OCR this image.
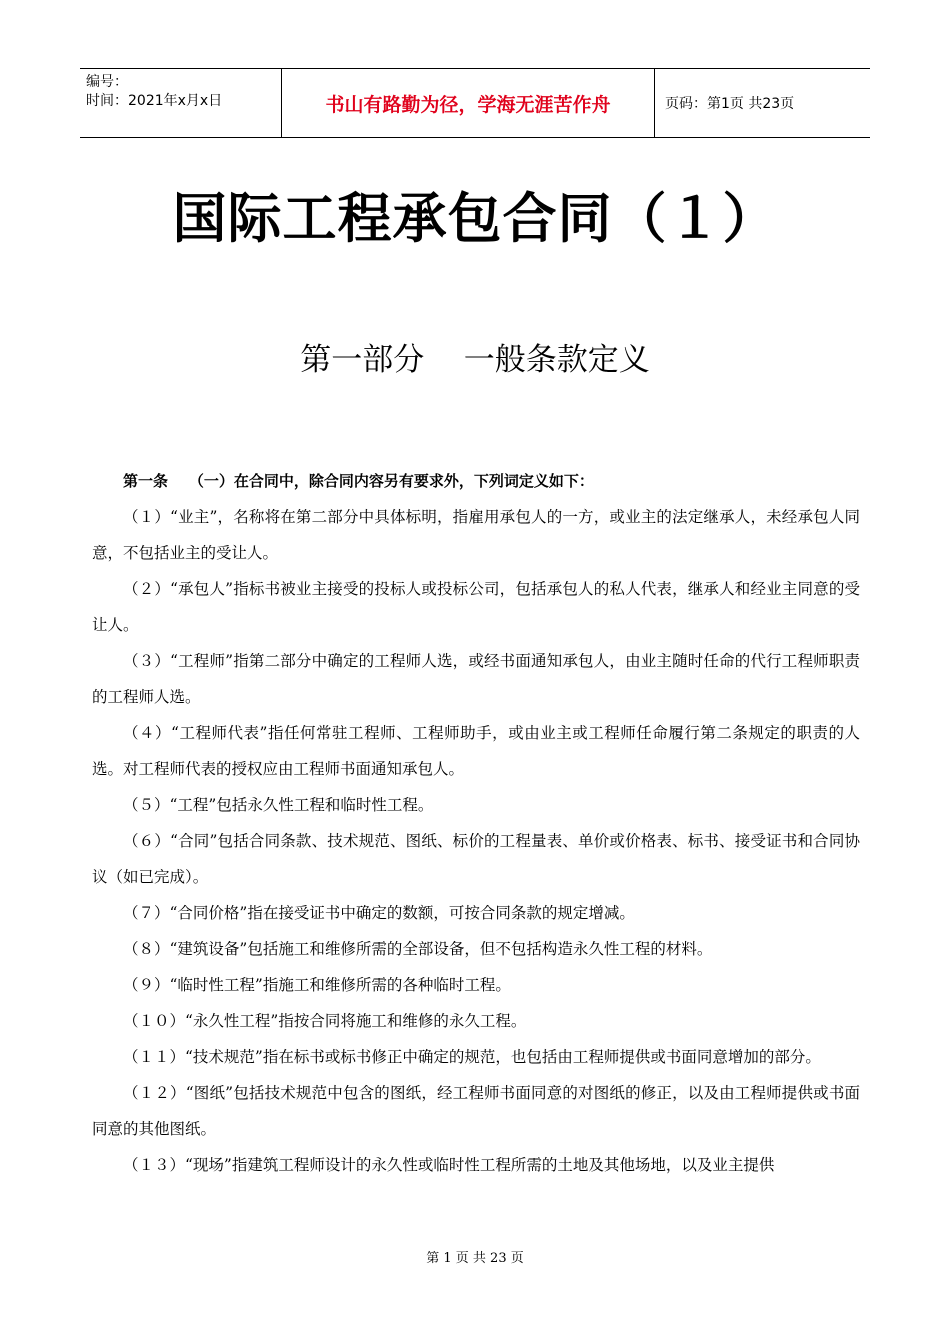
编号：
时间：2021年x月x日	书山有路勤为径，学海无涯苦作舟	页码：第1页 共23页
国际工程承包合同（１）
第一部分    一般条款定义

第一条    （一）在合同中，除合同内容另有要求外，下列词定义如下：

（１）“业主”，名称将在第二部分中具体标明，指雇用承包人的一方，或业主的法定继承人，未经承包人同意，不包括业主的受让人。

（２）“承包人”指标书被业主接受的投标人或投标公司，包括承包人的私人代表，继承人和经业主同意的受让人。

（３）“工程师”指第二部分中确定的工程师人选，或经书面通知承包人，由业主随时任命的代行工程师职责的工程师人选。

（４）“工程师代表”指任何常驻工程师、工程师助手，或由业主或工程师任命履行第二条规定的职责的人选。对工程师代表的授权应由工程师书面通知承包人。

（５）“工程”包括永久性工程和临时性工程。

（６）“合同”包括合同条款、技术规范、图纸、标价的工程量表、单价或价格表、标书、接受证书和合同协议（如已完成）。

（７）“合同价格”指在接受证书中确定的数额，可按合同条款的规定增减。

（８）“建筑设备”包括施工和维修所需的全部设备，但不包括构造永久性工程的材料。

（９）“临时性工程”指施工和维修所需的各种临时工程。

（１０）“永久性工程”指按合同将施工和维修的永久工程。

（１１）“技术规范”指在标书或标书修正中确定的规范，也包括由工程师提供或书面同意增加的部分。

（１２）“图纸”包括技术规范中包含的图纸，经工程师书面同意的对图纸的修正，以及由工程师提供或书面同意的其他图纸。

（１３）“现场”指建筑工程师设计的永久性或临时性工程所需的土地及其他场地，以及业主提供

第 1 页 共 23 页
